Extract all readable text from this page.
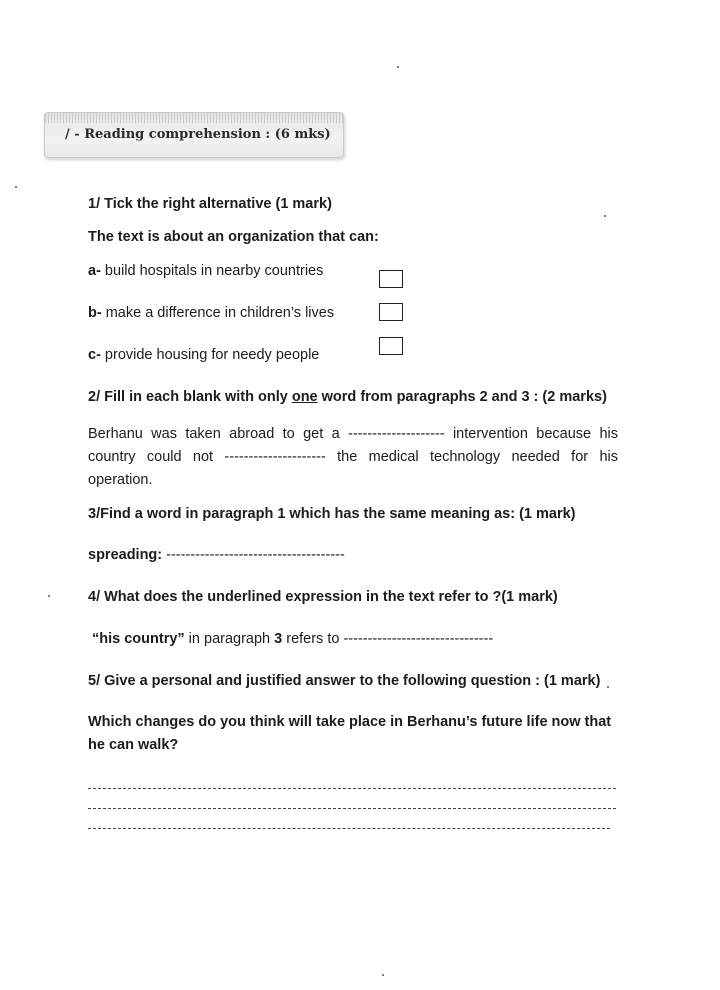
/ - Reading comprehension : (6 mks)
1/ Tick the right alternative (1 mark)
The text is about an organization that can:
a- build hospitals in nearby countries
b- make a difference in children’s lives
c- provide housing for needy people
2/ Fill in each blank with only one word from paragraphs 2 and 3 : (2 marks)
Berhanu was taken abroad to get a -------------------- intervention because his country could not --------------------- the medical technology needed for his operation.
3/Find a word in paragraph 1 which has the same meaning as: (1 mark)
spreading: -------------------------------------
4/ What does the underlined expression in the text refer to ?(1 mark)
“his country” in paragraph 3 refers to -------------------------------
5/ Give a personal and justified answer to the following question : (1 mark)
Which changes do you think will take place in Berhanu’s future life now that
he can walk?
